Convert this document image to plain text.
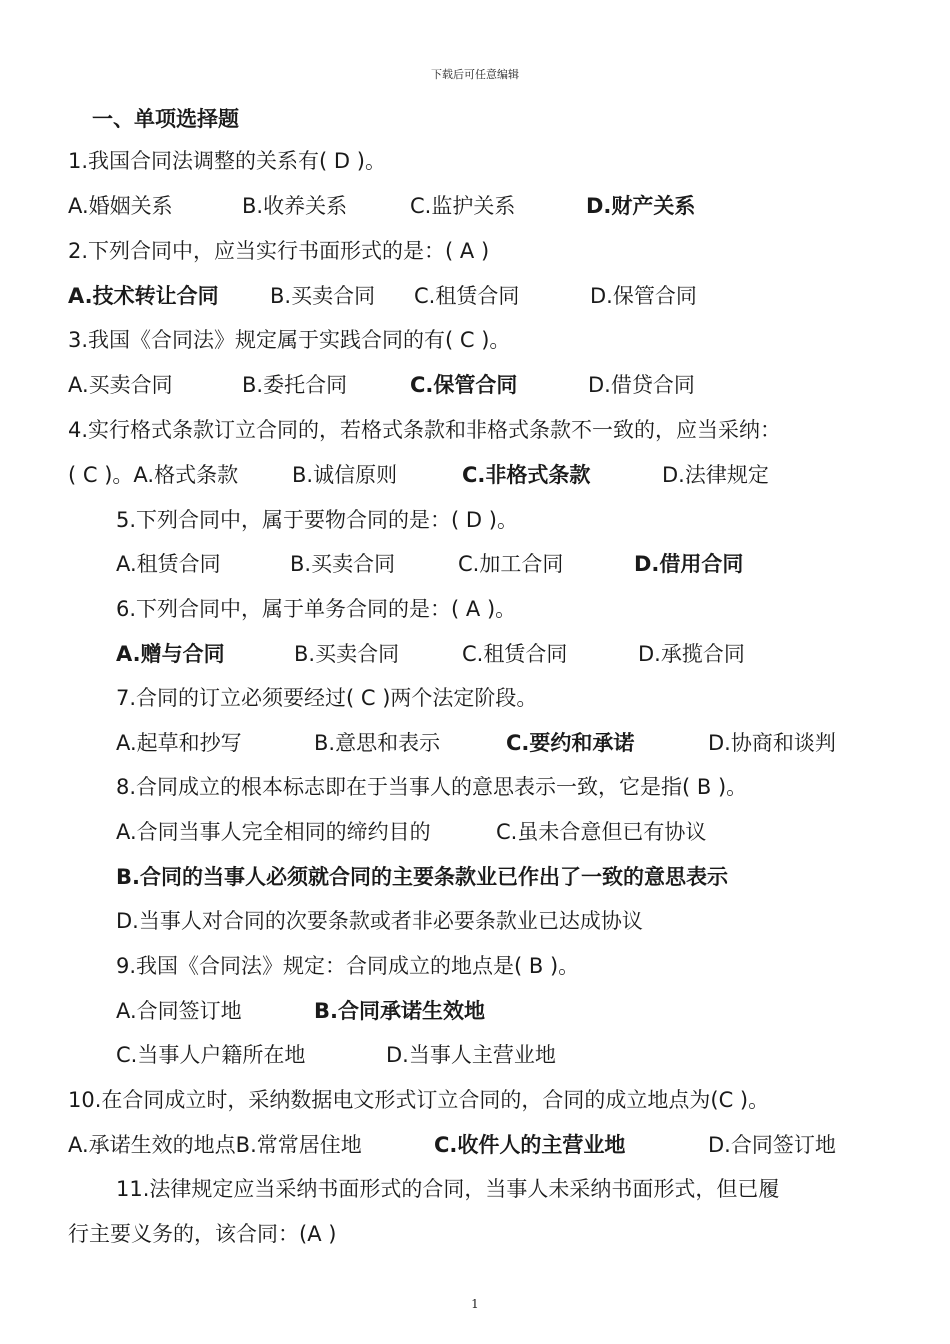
下载后可任意编辑
一、单项选择题
1.我国合同法调整的关系有( D )。
A.婚姻关系	B.收养关系	C.监护关系	D.财产关系
2.下列合同中，应当实行书面形式的是：( A )
A.技术转让合同 B.买卖合同 C.租赁合同	D.保管合同
3.我国《合同法》规定属于实践合同的有( C )。
A.买卖合同	B.委托合同	C.保管合同	D.借贷合同
4.实行格式条款订立合同的，若格式条款和非格式条款不一致的，应当采纳：
( C )。A.格式条款	B.诚信原则	C.非格式条款	D.法律规定
5.下列合同中，属于要物合同的是：( D )。
A.租赁合同	B.买卖合同	C.加工合同	D.借用合同
6.下列合同中，属于单务合同的是：( A )。
A.赠与合同	B.买卖合同	C.租赁合同	D.承揽合同
7.合同的订立必须要经过( C )两个法定阶段。
A.起草和抄写	B.意思和表示	C.要约和承诺	D.协商和谈判
8.合同成立的根本标志即在于当事人的意思表示一致，它是指( B )。
A.合同当事人完全相同的缔约目的	C.虽未合意但已有协议
B.合同的当事人必须就合同的主要条款业已作出了一致的意思表示
D.当事人对合同的次要条款或者非必要条款业已达成协议
9.我国《合同法》规定：合同成立的地点是( B )。
A.合同签订地	B.合同承诺生效地
C.当事人户籍所在地	D.当事人主营业地
10.在合同成立时，采纳数据电文形式订立合同的，合同的成立地点为(C )。
A.承诺生效的地点B.常常居住地	C.收件人的主营业地	D.合同签订地
11.法律规定应当采纳书面形式的合同，当事人未采纳书面形式，但已履
行主要义务的，该合同：(A )
1
